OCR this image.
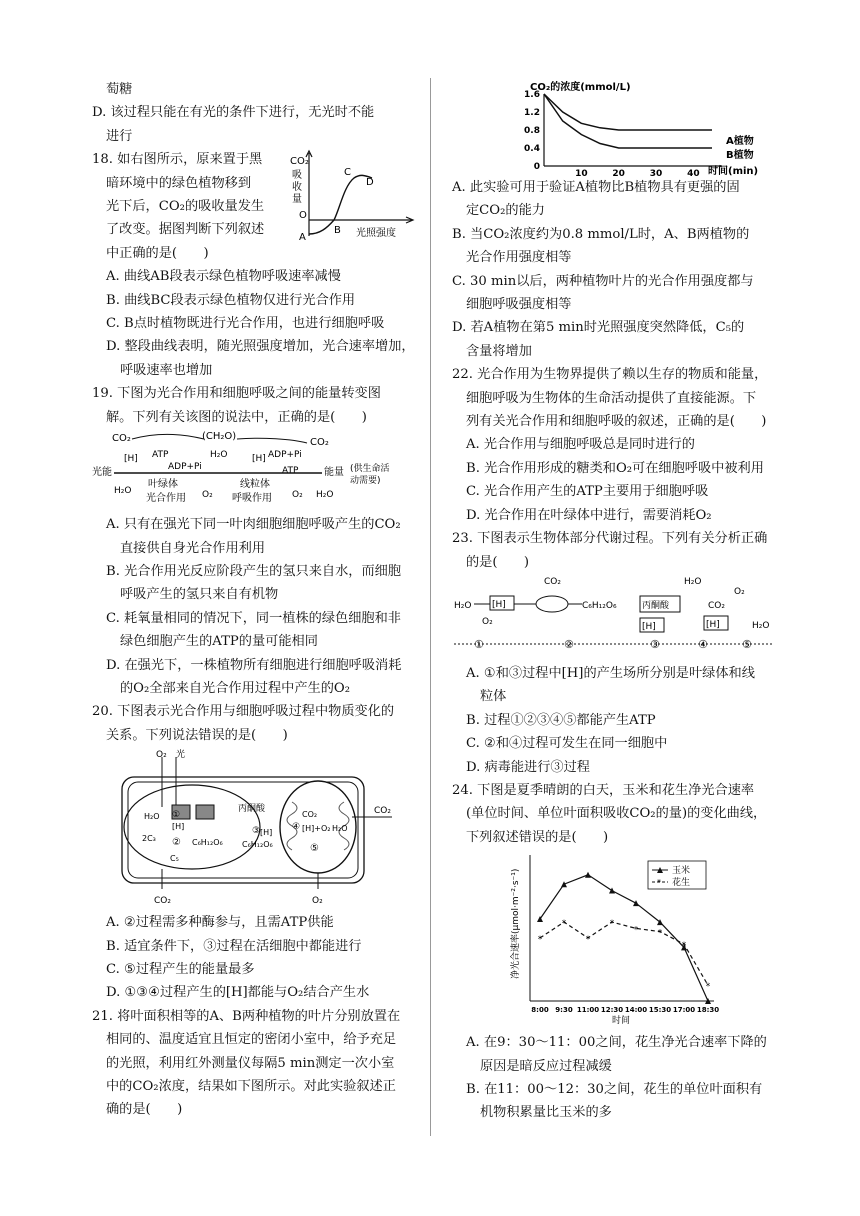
萄糖
D. 该过程只能在有光的条件下进行，无光时不能
进行
18. 如右图所示，原来置于黑
暗环境中的绿色植物移到
光下后，CO₂的吸收量发生
了改变。据图判断下列叙述
中正确的是(　　)
CO₂
吸
收
量
O
A
B
C
D
光照强度
A. 曲线AB段表示绿色植物呼吸速率减慢
B. 曲线BC段表示绿色植物仅进行光合作用
C. B点时植物既进行光合作用，也进行细胞呼吸
D. 整段曲线表明，随光照强度增加，光合速率增加，
呼吸速率也增加
19. 下图为光合作用和细胞呼吸之间的能量转变图
解。下列有关该图的说法中，正确的是(　　)
CO₂	(CH₂O)
H₂O
CO₂
[H] ATP
ADP+Pi
[H] ADP+Pi
ATP
光能	能量 (供生命活
动需要)
H₂O
叶绿体
光合作用 O₂
线粒体
呼吸作用 O₂ H₂O
A. 只有在强光下同一叶肉细胞细胞呼吸产生的CO₂
直接供自身光合作用利用
B. 光合作用光反应阶段产生的氢只来自水，而细胞
呼吸产生的氢只来自有机物
C. 耗氧量相同的情况下，同一植株的绿色细胞和非
绿色细胞产生的ATP的量可能相同
D. 在强光下，一株植物所有细胞进行细胞呼吸消耗
的O₂全部来自光合作用过程中产生的O₂
20. 下图表示光合作用与细胞呼吸过程中物质变化的
关系。下列说法错误的是(　　)
O₂ 光
H₂O ①
[H]
2C₃ ② C₆H₁₂O₆
C₅
CO₂
丙酮酸
③ [H]
C₆H₁₂O₆
CO₂
④ [H]+O₂ H₂O
⑤
CO₂
O₂
A. ②过程需多种酶参与，且需ATP供能
B. 适宜条件下，③过程在活细胞中都能进行
C. ⑤过程产生的能量最多
D. ①③④过程产生的[H]都能与O₂结合产生水
21. 将叶面积相等的A、B两种植物的叶片分别放置在
相同的、温度适宜且恒定的密闭小室中，给予充足
的光照，利用红外测量仪每隔5 min测定一次小室
中的CO₂浓度，结果如下图所示。对此实验叙述正
确的是(　　)
CO₂的浓度(mmol/L)
1.6
1.2
0.8
0.4
0
10	20	30	40
A植物
B植物
时间(min)
A. 此实验可用于验证A植物比B植物具有更强的固
定CO₂的能力
B. 当CO₂浓度约为0.8 mmol/L时，A、B两植物的
光合作用强度相等
C. 30 min以后，两种植物叶片的光合作用强度都与
细胞呼吸强度相等
D. 若A植物在第5 min时光照强度突然降低，C₅的
含量将增加
22. 光合作用为生物界提供了赖以生存的物质和能量，
细胞呼吸为生物体的生命活动提供了直接能源。下
列有关光合作用和细胞呼吸的叙述，正确的是(　　)
A. 光合作用与细胞呼吸总是同时进行的
B. 光合作用形成的糖类和O₂可在细胞呼吸中被利用
C. 光合作用产生的ATP主要用于细胞呼吸
D. 光合作用在叶绿体中进行，需要消耗O₂
23. 下图表示生物体部分代谢过程。下列有关分析正确
的是(　　)
H₂O
O₂
[H]
CO₂
C₆H₁₂O₆	丙酮酸
H₂O
CO₂
O₂
[H]	[H]	H₂O
①	②	③	④	⑤
A. ①和③过程中[H]的产生场所分别是叶绿体和线
粒体
B. 过程①②③④⑤都能产生ATP
C. ②和④过程可发生在同一细胞中
D. 病毒能进行③过程
24. 下图是夏季晴朗的白天，玉米和花生净光合速率
(单位时间、单位叶面积吸收CO₂的量)的变化曲线，
下列叙述错误的是(　　)
净光合速率(μmol·m⁻²·s⁻¹)
8:00 9:30 11:00 12:30 14:00 15:30 17:00 18:30
*
*
*
*
* *
*
*
玉米
* 花生
时间
A. 在9：30～11：00之间，花生净光合速率下降的
原因是暗反应过程减缓
B. 在11：00～12：30之间，花生的单位叶面积有
机物积累量比玉米的多
